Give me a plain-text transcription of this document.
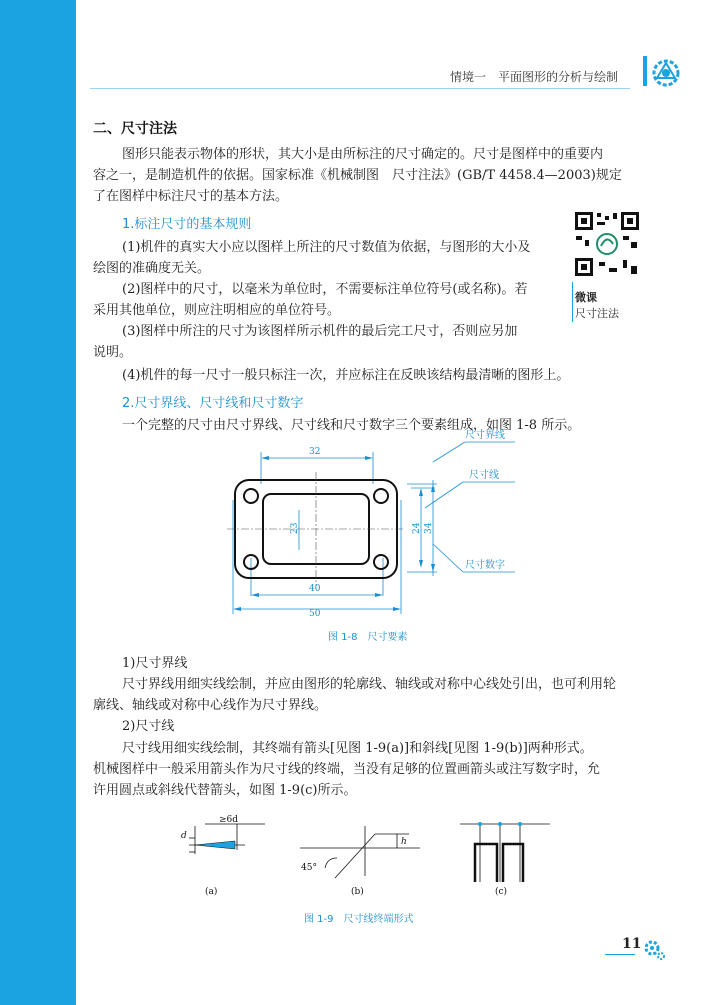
情境一　平面图形的分析与绘制
二、尺寸注法
图形只能表示物体的形状，其大小是由所标注的尺寸确定的。尺寸是图样中的重要内
容之一，是制造机件的依据。国家标准《机械制图　尺寸注法》(GB/T 4458.4—2003)规定
了在图样中标注尺寸的基本方法。
1.标注尺寸的基本规则
(1)机件的真实大小应以图样上所注的尺寸数值为依据，与图形的大小及
绘图的准确度无关。
(2)图样中的尺寸，以毫米为单位时，不需要标注单位符号(或名称)。若
采用其他单位，则应注明相应的单位符号。
(3)图样中所注的尺寸为该图样所示机件的最后完工尺寸，否则应另加
说明。
(4)机件的每一尺寸一般只标注一次，并应标注在反映该结构最清晰的图形上。
微课
尺寸注法
2.尺寸界线、尺寸线和尺寸数字
一个完整的尺寸由尺寸界线、尺寸线和尺寸数字三个要素组成，如图 1-8 所示。
32
40
50
23	24 34
尺寸界线
尺寸线
尺寸数字
图 1-8　尺寸要素
1)尺寸界线
尺寸界线用细实线绘制，并应由图形的轮廓线、轴线或对称中心线处引出，也可利用轮
廓线、轴线或对称中心线作为尺寸界线。
2)尺寸线
尺寸线用细实线绘制，其终端有箭头[见图 1-9(a)]和斜线[见图 1-9(b)]两种形式。
机械图样中一般采用箭头作为尺寸线的终端，当没有足够的位置画箭头或注写数字时，允
许用圆点或斜线代替箭头，如图 1-9(c)所示。
d
≥6d
45°
h
(a)	(b)	(c)
图 1-9　尺寸线终端形式
11
